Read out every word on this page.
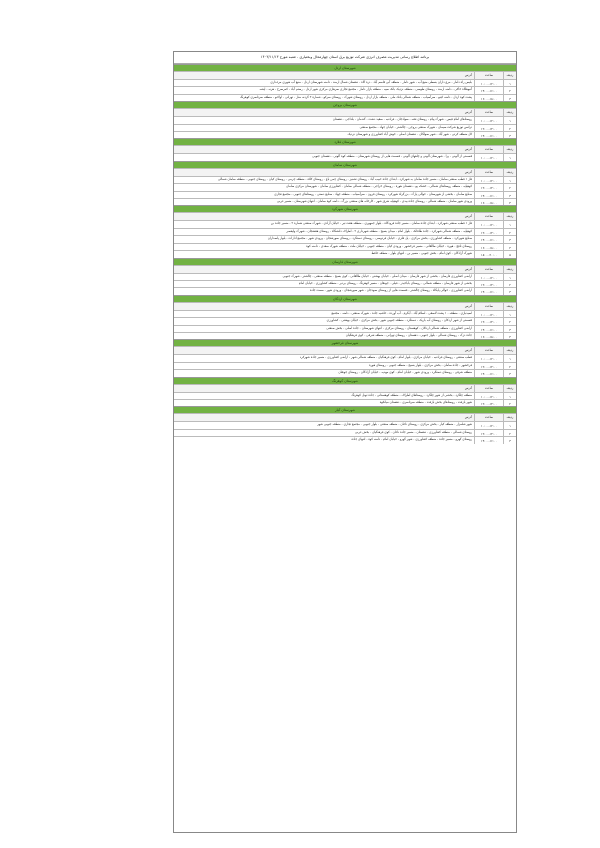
برنامه اطلاع رسانی مدیریت مصرف انرژی شرکت توزیع برق استان چهارمحال وبختیاری - شنبه مورخ ۱۴۰۳/۱۱/۱۳
شهرستان اردل
ردیف
ساعت
آدرس
۱
۱۰:۰۰-۱۲:۰۰
بلیس راه دامار - مرغ داران بسطی منبع آب - شهر دامار - منطقه آبی قاسم آباد - دره گاه - دهستان شمال ارمند - دامنه شهرستان اردل - منبع آب شهری مرغداری
۲
۱۴:۰۰-۱۶:۰۰
آنبوهگاه خاکی - دامنه ارمند - روستای طوسی - منطقه نزدیک بانک سپه - منطقه بازار دامار - مجتمع تجاری سرهاری مرکزی شهر اردل - رستم آباد - کمرسرخ - هرنه - اپشه
۳
۱۶:۰۰-۱۸:۰۰
پشت کوه اردل - دامنه کینو - سرآسیاب - منطقه شمالی بانک ملی - منطقه بازار اردل - روستای شهرک - روستای سرکو - شماره ۲ گردنه منار - تهرانی - اولاغو - منطقه سرتاسری کوهرنگ
شهرستان بروجن
ردیف
ساعت
آدرس
۱
۱۰:۰۰-۱۲:۰۰
روستاهای امام قیس - شهرک پیام - روستای نقنه - سوادجان - فرادنبه - سفید دشت - گندمان - بلداجی - دهستان
۲
۱۲:۰۰-۱۴:۰۰
ترانس توزیع شرکت سیمان - شهرک صنعتی بروجن - چالشتر - خیابان جهاد - مجتمع صنعتی
۳
۱۴:۰۰-۱۶:۰۰
کل منطقه کرتی - شهر آباد - شهر سولگان - دهستان اصلی - خوش آباد کشاورزی و شهرستان نزدیک
شهرستان فلارد
ردیف
ساعت
آدرس
۱
۱۰:۰۰-۱۲:۰۰
قسمتی از آلونی - پرا - شهرستان آلونی و چاههای آلونی - قسمت هایی از روستای شهرستان - منطقه کوه آلونی - دهستان جنوبی
شهرستان سامان
ردیف
ساعت
آدرس
۱
۱۰:۰۰-۱۲:۰۰
فاز ۱ قطب صنعتی سامان - مسیر جاده سامان به شهرکرد - ابتدای جاده حبیب آباد - روستای تشنیز - روستای چمن باغ - روستای کلاه - منطقه چرمی - روستای کیان - روستای جنوبی - منطقه سامان شمالی
۲
۱۲:۰۰-۱۴:۰۰
کوهپایه - منطقه روستاهای شمالی - خشکه پو - دهستان هوره - روستای خراجی - منطقه شمالی سامان - کشاورزی سامان - شهرستان مرکزی سامان
۳
۱۴:۰۰-۱۶:۰۰
صنایع سامان - بخشی از شهرستان - حوالی پارک - بزرگراه شهرکرد - روستای قرون - سرآسیاب - منطقه جهاد - صنایع دستی - روستاهای جنوبی - مجتمع تجاری
۴
۱۶:۰۰-۱۸:۰۰
ورودی شهر سامان - منطقه شمالی - روستای جاده بیدی - کوهپایه شرق شهر - کارخانه های صنعتی بزرگ - دامنه کوه سامان - انتهای شهرستان - مسیر غربی
شهرستان شهرکرد
ردیف
ساعت
آدرس
۱
۱۰:۰۰-۱۲:۰۰
فاز ۱ قطب صنعتی شهرکرد - ابتدای جاده سامان - مسیر جاده فرودگاه - بلوار جمهوری - منطقه هفت تیر - خیابان آزادی - شهرک صنعتی شماره ۲ - مسیر جاده بن
۲
۱۲:۰۰-۱۴:۰۰
کوهپایه - منطقه شمالی شهرکرد - جاده طاقانک - بلوار امام - میدان بسیج - منطقه شهرداری ۲ - اطراف دانشگاه - روستای هفشجان - شهرک ولیعصر
۳
۱۴:۰۰-۱۶:۰۰
صنایع شهرکرد - منطقه کشاورزی - بخش مرکزی - پل فلزی - خیابان فردوسی - روستای دستگرد - روستای سورشجان - ورودی شهر - مجتمع ادارات - بلوار پاسداران
۴
۱۶:۰۰-۱۸:۰۰
روستای نافچ - هوره - خیابان طالقانی - مسیر فرخشهر - ورودی کیان - منطقه جنوبی - خیابان ملت - منطقه شهرک سعدی - دامنه کوه
۵
۱۸:۰۰-۲۰:۰۰
شهرک آزادگان - کوی امام - بخش جنوبی - مسیر بن - انتهای بلوار - منطقه حافظ
شهرستان فارسان
ردیف
ساعت
آدرس
۱
۱۰:۰۰-۱۲:۰۰
اراضی کشاورزی فارسان - بخشی از شهر فارسان - میدان اصلی - خیابان بهشتی - خیابان طالقانی - کوی بسیج - منطقه صنعتی - چالشتر - شهرک جنوبی
۲
۱۲:۰۰-۱۴:۰۰
بخشی از شهر فارسان - منطقه شمالی - روستای باباحیدر - فیلی - جونقان - مسیر کوهرنگ - روستای بردبر - منطقه کشاورزی - خیابان امام
۳
۱۴:۰۰-۱۶:۰۰
اراضی کشاورزی - حوالی پایگاه - روستای چالشتر - قسمت هایی از روستای سودجان - شهر سورشجان - ورودی شهر - سمت جاده
شهرستان اردکان
ردیف
ساعت
آدرس
۱
۱۰:۰۰-۱۲:۰۰
اسیدبازی - منطقه - ۱ پشت لاسفی - اسلام آباد - آبگرم - آب آورده - حاشیه جاده - شهرک صنعتی - دامنه - مجتمع
۲
۱۲:۰۰-۱۴:۰۰
قسمتی از شهر اردکان - روستای آب باریک - دستگرد - منطقه جنوبی شهر - بخش مرکزی - خیابان بهشتی - کشاورزی
۳
۱۴:۰۰-۱۶:۰۰
اراضی کشاورزی - منطقه شمالی اردکان - کوهستان - روستای مرکزی - انتهای شهرستان - جاده اصلی - بخش صنعتی
۴
۱۶:۰۰-۱۸:۰۰
جاده دزک - روستای شمالی - بلوار جنوبی - دهستان - روستای تهرانی - منطقه شرقی - کوی فرهنگیان
شهرستان فرخشهر
ردیف
ساعت
آدرس
۱
۱۰:۰۰-۱۲:۰۰
قطب صنعتی - روستای فرادنبه - خیابان مرکزی - بلوار امام - کوی فرهنگیان - منطقه شمالی شهر - اراضی کشاورزی - مسیر جاده شهرکرد
۲
۱۲:۰۰-۱۴:۰۰
فرخشهر - جاده سامان - بخش مرکزی - بلوار بسیج - منطقه جنوبی - روستای هوره
۳
۱۴:۰۰-۱۶:۰۰
منطقه شرقی - روستای دستگرد - ورودی شهر - خیابان امام - کوی مهدیه - خیابان آزادگان - روستای جونقان
شهرستان کوهرنگ
ردیف
ساعت
آدرس
۱
۱۰:۰۰-۱۲:۰۰
منطقه چلگرد - بخشی از شهر چلگرد - روستاهای اطراف - منطقه کوهستانی - جاده تونل کوهرنگ
۲
۱۲:۰۰-۱۴:۰۰
شهر بازفت - روستاهای بخش بازفت - منطقه سرتاسری - دهستان میانکوه
شهرستان کیار
ردیف
ساعت
آدرس
۱
۱۰:۰۰-۱۲:۰۰
شهر شلمزار - منطقه کیار - بخش مرکزی - روستای ناغان - منطقه صنعتی - بلوار جنوبی - مجتمع تجاری - منطقه جنوبی شهر
۲
۱۲:۰۰-۱۴:۰۰
روستای شمالی - منطقه کشاورزی - دهستان - مسیر جاده ناغان - کوی فرهنگیان - بخش غربی
۳
۱۴:۰۰-۱۶:۰۰
روستای گهرو - مسیر جاده - منطقه کشاورزی - شهر گهرو - خیابان امام - دامنه کوه - انتهای جاده
